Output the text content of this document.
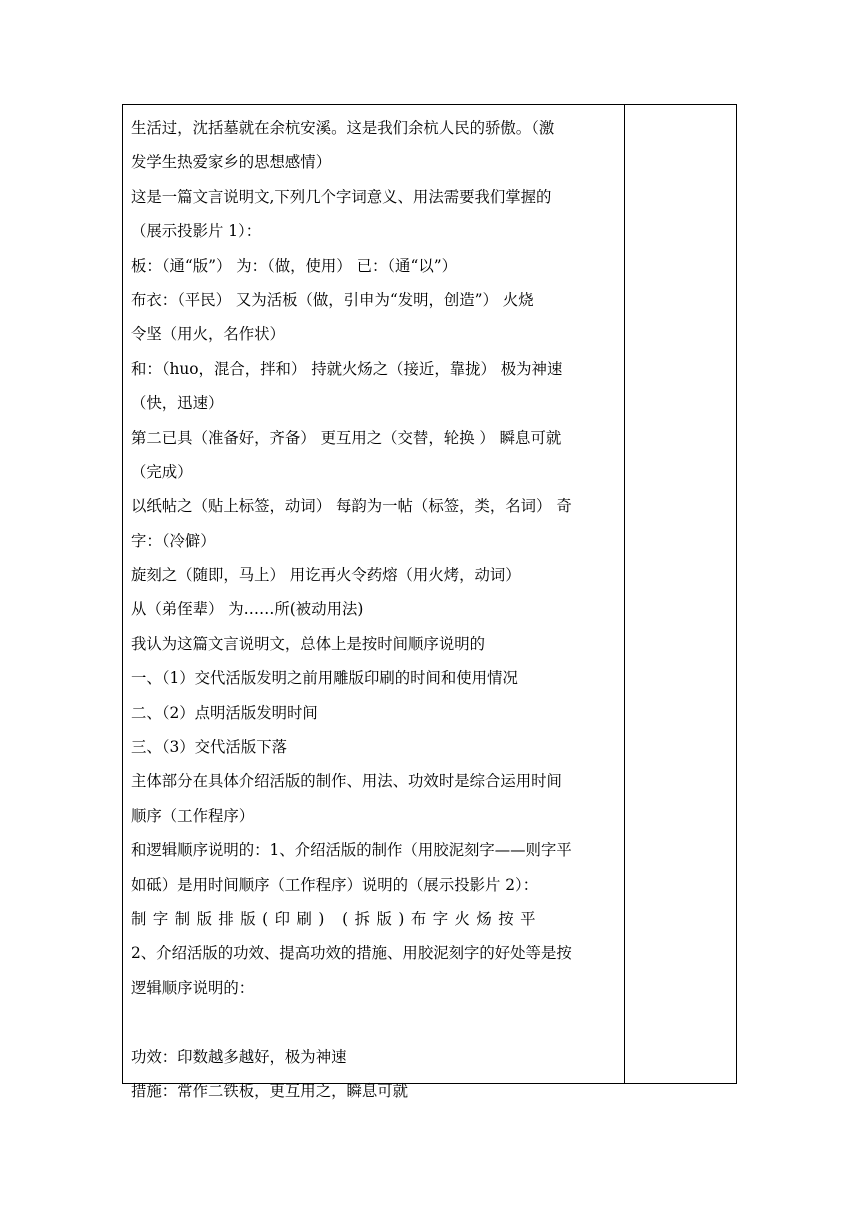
生活过，沈括墓就在余杭安溪。这是我们余杭人民的骄傲。（激
发学生热爱家乡的思想感情）
这是一篇文言说明文,下列几个字词意义、用法需要我们掌握的
（展示投影片 1）：
板：（通“版”） 为：（做，使用） 已：（通“以”）
布衣：（平民） 又为活板（做，引申为“发明，创造”） 火烧
令坚（用火，名作状）
和：（huo，混合，拌和） 持就火炀之（接近，靠拢） 极为神速
（快，迅速）
第二已具（准备好，齐备） 更互用之（交替，轮换 ） 瞬息可就
（完成）
以纸帖之（贴上标签，动词） 每韵为一帖（标签，类，名词） 奇
字：（冷僻）
旋刻之（随即，马上） 用讫再火令药熔（用火烤，动词）
从（弟侄辈） 为……所(被动用法)
我认为这篇文言说明文，总体上是按时间顺序说明的
一、（1）交代活版发明之前用雕版印刷的时间和使用情况
二、（2）点明活版发明时间
三、（3）交代活版下落
主体部分在具体介绍活版的制作、用法、功效时是综合运用时间
顺序（工作程序）
和逻辑顺序说明的：1、介绍活版的制作（用胶泥刻字——则字平
如砥）是用时间顺序（工作程序）说明的（展示投影片 2）：
制字制版排版(印刷) (拆版)布字火炀按平
2、介绍活版的功效、提高功效的措施、用胶泥刻字的好处等是按
逻辑顺序说明的：
功效：印数越多越好，极为神速
措施：常作二铁板，更互用之，瞬息可就
